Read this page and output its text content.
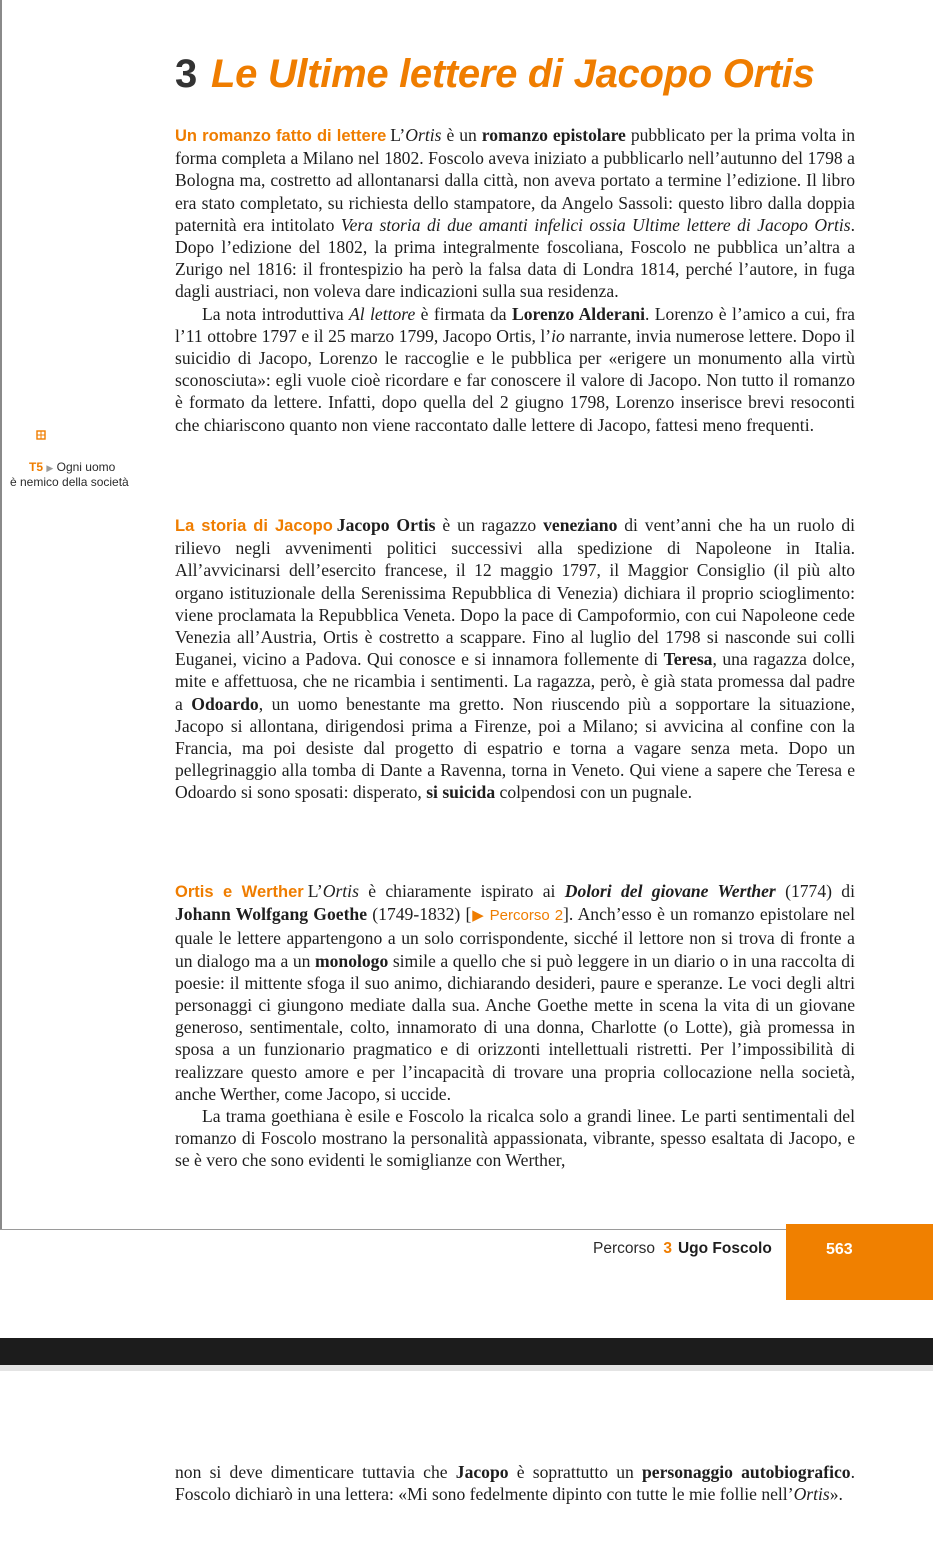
3 Le Ultime lettere di Jacopo Ortis

Un romanzo fatto di lettere L’Ortis è un romanzo epistolare pubblicato per la prima volta in forma completa a Milano nel 1802. Foscolo aveva iniziato a pubblicarlo nell’autunno del 1798 a Bologna ma, costretto ad allontanarsi dalla città, non aveva portato a termine l’edizione. Il libro era stato completato, su richiesta dello stampatore, da Angelo Sassoli: questo libro dalla doppia paternità era intitolato Vera storia di due amanti infelici ossia Ultime lettere di Jacopo Ortis. Dopo l’edizione del 1802, la prima integralmente foscoliana, Foscolo ne pubblica un’altra a Zurigo nel 1816: il frontespizio ha però la falsa data di Londra 1814, perché l’autore, in fuga dagli austriaci, non voleva dare indicazioni sulla sua residenza.

La nota introduttiva Al lettore è firmata da Lorenzo Alderani. Lorenzo è l’amico a cui, fra l’11 ottobre 1797 e il 25 marzo 1799, Jacopo Ortis, l’io narrante, invia numerose lettere. Dopo il suicidio di Jacopo, Lorenzo le raccoglie e le pubblica per «erigere un monumento alla virtù sconosciuta»: egli vuole cioè ricordare e far conoscere il valore di Jacopo. Non tutto il romanzo è formato da lettere. Infatti, dopo quella del 2 giugno 1798, Lorenzo inserisce brevi resoconti che chiariscono quanto non viene raccontato dalle lettere di Jacopo, fattesi meno frequenti.

T5 ▶ Ogni uomo
è nemico della società

La storia di Jacopo Jacopo Ortis è un ragazzo veneziano di vent’anni che ha un ruolo di rilievo negli avvenimenti politici successivi alla spedizione di Napoleone in Italia. All’avvicinarsi dell’esercito francese, il 12 maggio 1797, il Maggior Consiglio (il più alto organo istituzionale della Serenissima Repubblica di Venezia) dichiara il proprio scioglimento: viene proclamata la Repubblica Veneta. Dopo la pace di Campoformio, con cui Napoleone cede Venezia all’Austria, Ortis è costretto a scappare. Fino al luglio del 1798 si nasconde sui colli Euganei, vicino a Padova. Qui conosce e si innamora follemente di Teresa, una ragazza dolce, mite e affettuosa, che ne ricambia i sentimenti. La ragazza, però, è già stata promessa dal padre a Odoardo, un uomo benestante ma gretto. Non riuscendo più a sopportare la situazione, Jacopo si allontana, dirigendosi prima a Firenze, poi a Milano; si avvicina al confine con la Francia, ma poi desiste dal progetto di espatrio e torna a vagare senza meta. Dopo un pellegrinaggio alla tomba di Dante a Ravenna, torna in Veneto. Qui viene a sapere che Teresa e Odoardo si sono sposati: disperato, si suicida colpendosi con un pugnale.

Ortis e Werther L’Ortis è chiaramente ispirato ai Dolori del giovane Werther (1774) di Johann Wolfgang Goethe (1749-1832) [▶ Percorso 2]. Anch’esso è un romanzo epistolare nel quale le lettere appartengono a un solo corrispondente, sicché il lettore non si trova di fronte a un dialogo ma a un monologo simile a quello che si può leggere in un diario o in una raccolta di poesie: il mittente sfoga il suo animo, dichiarando desideri, paure e speranze. Le voci degli altri personaggi ci giungono mediate dalla sua. Anche Goethe mette in scena la vita di un giovane generoso, sentimentale, colto, innamorato di una donna, Charlotte (o Lotte), già promessa in sposa a un funzionario pragmatico e di orizzonti intellettuali ristretti. Per l’impossibilità di realizzare questo amore e per l’incapacità di trovare una propria collocazione nella società, anche Werther, come Jacopo, si uccide.

La trama goethiana è esile e Foscolo la ricalca solo a grandi linee. Le parti sentimentali del romanzo di Foscolo mostrano la personalità appassionata, vibrante, spesso esaltata di Jacopo, e se è vero che sono evidenti le somiglianze con Werther,

Percorso 3 Ugo Foscolo	563

non si deve dimenticare tuttavia che Jacopo è soprattutto un personaggio autobiografico. Foscolo dichiarò in una lettera: «Mi sono fedelmente dipinto con tutte le mie follie nell’Ortis».
